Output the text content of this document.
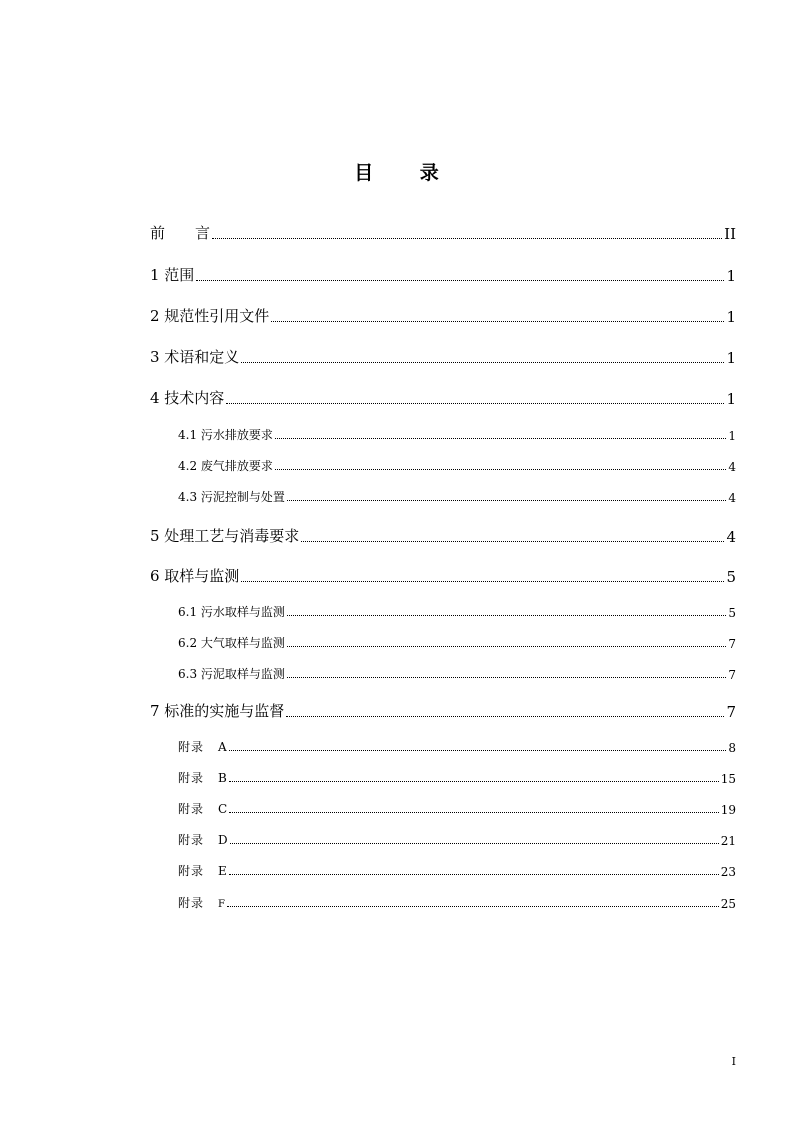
目 录
前　　言	II
1 范围	1
2 规范性引用文件	1
3 术语和定义	1
4 技术内容	1
4.1 污水排放要求	1
4.2 废气排放要求	4
4.3 污泥控制与处置	4
5 处理工艺与消毒要求	4
6 取样与监测	5
6.1 污水取样与监测	5
6.2 大气取样与监测	7
6.3 污泥取样与监测	7
7 标准的实施与监督	7
附录 A	8
附录 B	15
附录 C	19
附录 D	21
附录 E	23
附录 F	25
I
